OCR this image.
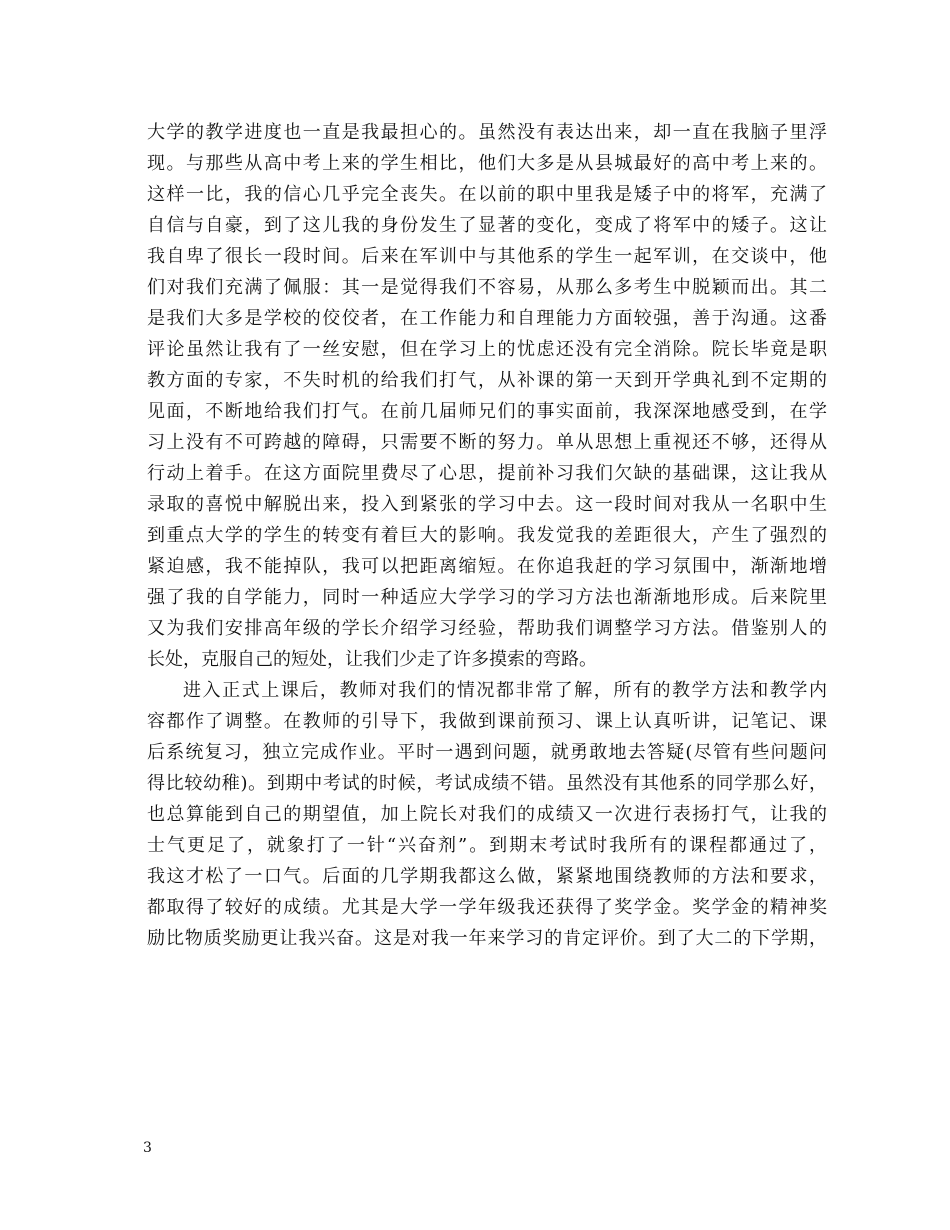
大学的教学进度也一直是我最担心的。虽然没有表达出来，却一直在我脑子里浮
现。与那些从高中考上来的学生相比，他们大多是从县城最好的高中考上来的。
这样一比，我的信心几乎完全丧失。在以前的职中里我是矮子中的将军，充满了
自信与自豪，到了这儿我的身份发生了显著的变化，变成了将军中的矮子。这让
我自卑了很长一段时间。后来在军训中与其他系的学生一起军训，在交谈中，他
们对我们充满了佩服：其一是觉得我们不容易，从那么多考生中脱颖而出。其二
是我们大多是学校的佼佼者，在工作能力和自理能力方面较强，善于沟通。这番
评论虽然让我有了一丝安慰，但在学习上的忧虑还没有完全消除。院长毕竟是职
教方面的专家，不失时机的给我们打气，从补课的第一天到开学典礼到不定期的
见面，不断地给我们打气。在前几届师兄们的事实面前，我深深地感受到，在学
习上没有不可跨越的障碍，只需要不断的努力。单从思想上重视还不够，还得从
行动上着手。在这方面院里费尽了心思，提前补习我们欠缺的基础课，这让我从
录取的喜悦中解脱出来，投入到紧张的学习中去。这一段时间对我从一名职中生
到重点大学的学生的转变有着巨大的影响。我发觉我的差距很大，产生了强烈的
紧迫感，我不能掉队，我可以把距离缩短。在你追我赶的学习氛围中，渐渐地增
强了我的自学能力，同时一种适应大学学习的学习方法也渐渐地形成。后来院里
又为我们安排高年级的学长介绍学习经验，帮助我们调整学习方法。借鉴别人的
长处，克服自己的短处，让我们少走了许多摸索的弯路。
进入正式上课后，教师对我们的情况都非常了解，所有的教学方法和教学内
容都作了调整。在教师的引导下，我做到课前预习、课上认真听讲，记笔记、课
后系统复习，独立完成作业。平时一遇到问题，就勇敢地去答疑(尽管有些问题问
得比较幼稚)。到期中考试的时候，考试成绩不错。虽然没有其他系的同学那么好，
也总算能到自己的期望值，加上院长对我们的成绩又一次进行表扬打气，让我的
士气更足了，就象打了一针“兴奋剂”。到期末考试时我所有的课程都通过了，
我这才松了一口气。后面的几学期我都这么做，紧紧地围绕教师的方法和要求，
都取得了较好的成绩。尤其是大学一学年级我还获得了奖学金。奖学金的精神奖
励比物质奖励更让我兴奋。这是对我一年来学习的肯定评价。到了大二的下学期，
3
